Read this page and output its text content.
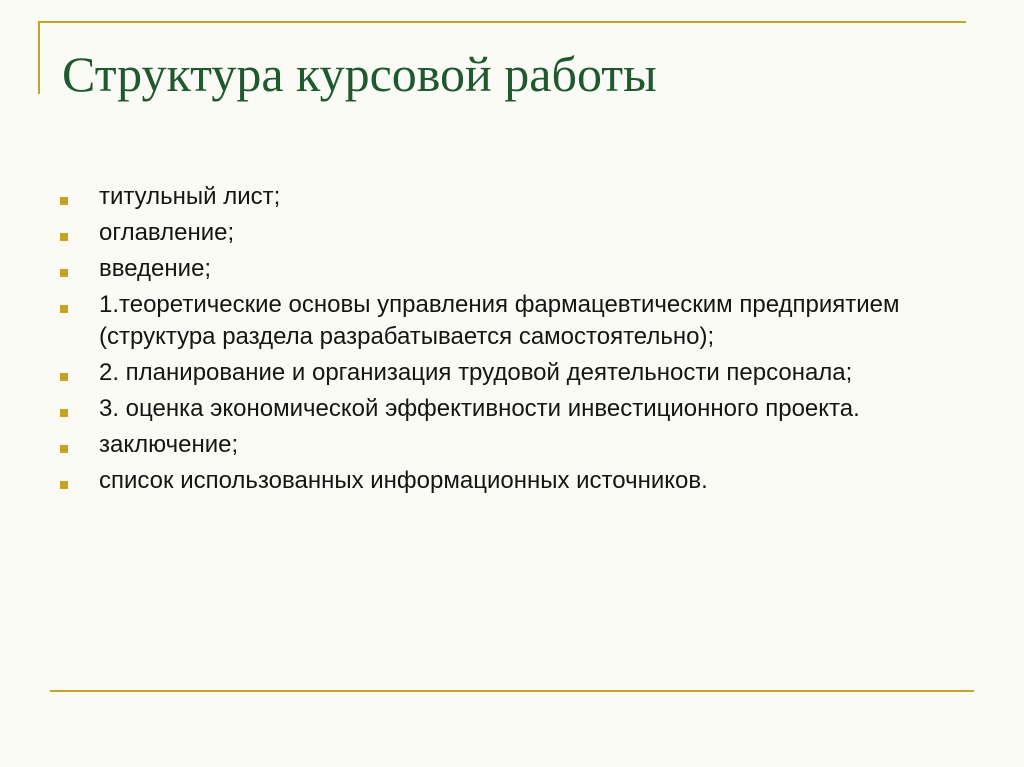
Структура курсовой работы
титульный лист;
оглавление;
введение;
1.теоретические основы управления фармацевтическим предприятием (структура раздела разрабатывается самостоятельно);
2. планирование и организация трудовой деятельности персонала;
3. оценка экономической эффективности инвестиционного проекта.
заключение;
список использованных информационных источников.
